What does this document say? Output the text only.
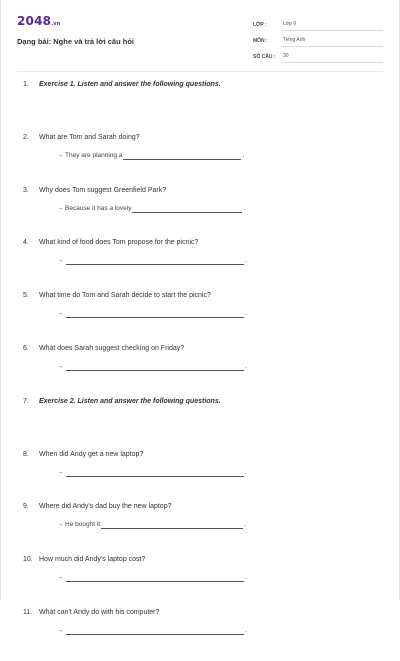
2048.vn
Dạng bài: Nghe và trả lời câu hỏi
LỚP :	Lớp 9
MÔN :	Tiếng Anh
SỐ CÂU :	30
1.	Exercise 1. Listen and answer the following questions.
2.	What are Tom and Sarah doing?
→ They are planning a	.
3.	Why does Tom suggest Greenfield Park?
→ Because it has a lovely	.
4.	What kind of food does Tom propose for the picnic?
→	.
5.	What time do Tom and Sarah decide to start the picnic?
→	.
6.	What does Sarah suggest checking on Friday?
→	.
7.	Exercise 2. Listen and answer the following questions.
8.	When did Andy get a new laptop?
→	.
9.	Where did Andy's dad buy the new laptop?
→ He bought it	.
10. How much did Andy's laptop cost?
→	.
11. What can't Andy do with his computer?
→	.
